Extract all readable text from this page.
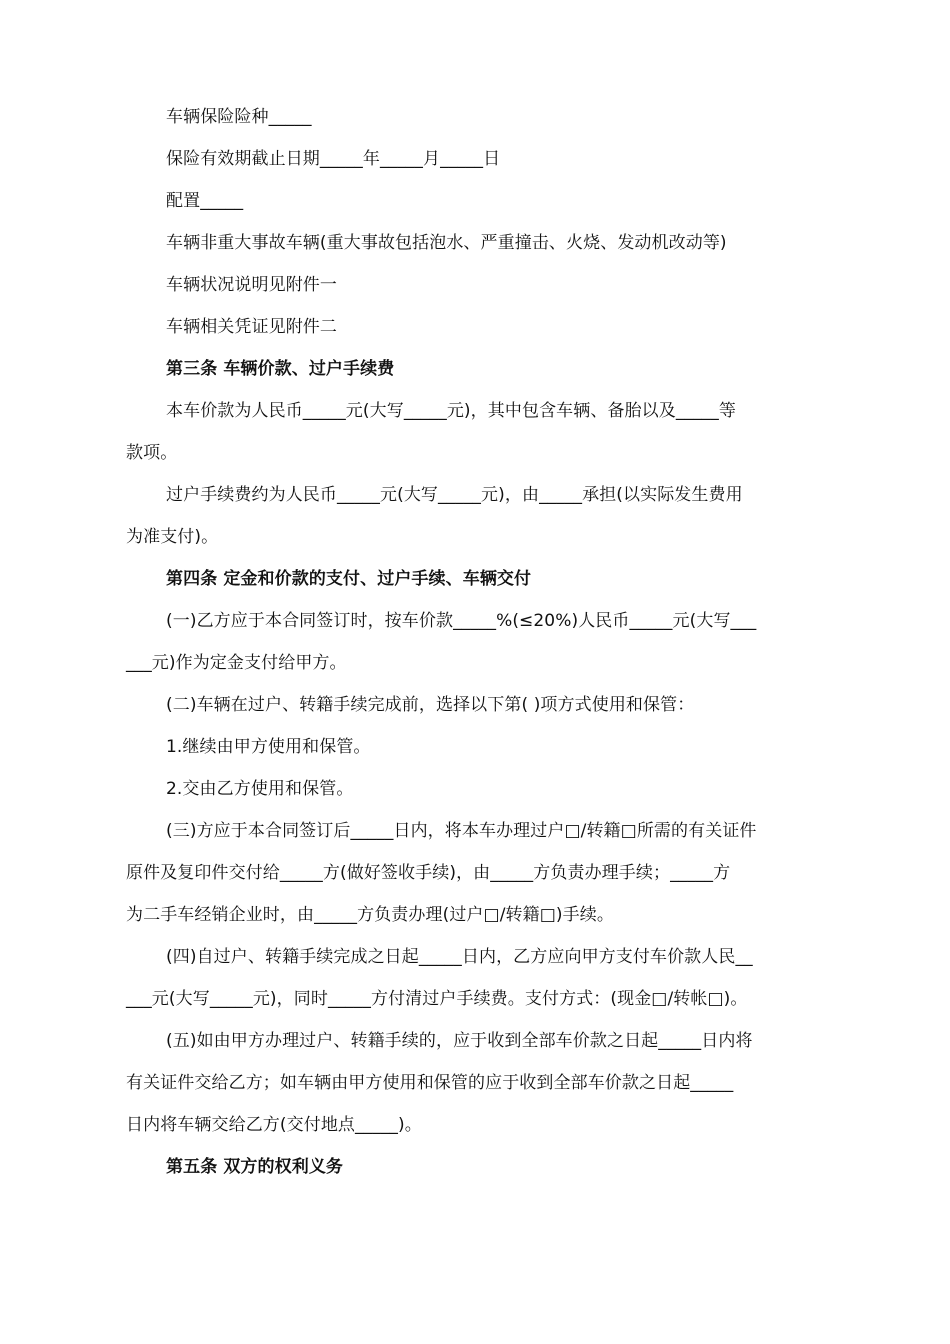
车辆保险险种_____
保险有效期截止日期_____年_____月_____日
配置_____
车辆非重大事故车辆(重大事故包括泡水、严重撞击、火烧、发动机改动等)
车辆状况说明见附件一
车辆相关凭证见附件二
第三条 车辆价款、过户手续费
本车价款为人民币_____元(大写_____元)，其中包含车辆、备胎以及_____等
款项。
过户手续费约为人民币_____元(大写_____元)，由_____承担(以实际发生费用
为准支付)。
第四条 定金和价款的支付、过户手续、车辆交付
(一)乙方应于本合同签订时，按车价款_____%(≤20%)人民币_____元(大写___
___元)作为定金支付给甲方。
(二)车辆在过户、转籍手续完成前，选择以下第( )项方式使用和保管：
1.继续由甲方使用和保管。
2.交由乙方使用和保管。
(三)方应于本合同签订后_____日内，将本车办理过户□/转籍□所需的有关证件
原件及复印件交付给_____方(做好签收手续)，由_____方负责办理手续；_____方
为二手车经销企业时，由_____方负责办理(过户□/转籍□)手续。
(四)自过户、转籍手续完成之日起_____日内，乙方应向甲方支付车价款人民__
___元(大写_____元)，同时_____方付清过户手续费。支付方式：(现金□/转帐□)。
(五)如由甲方办理过户、转籍手续的，应于收到全部车价款之日起_____日内将
有关证件交给乙方；如车辆由甲方使用和保管的应于收到全部车价款之日起_____
日内将车辆交给乙方(交付地点_____)。
第五条 双方的权利义务
